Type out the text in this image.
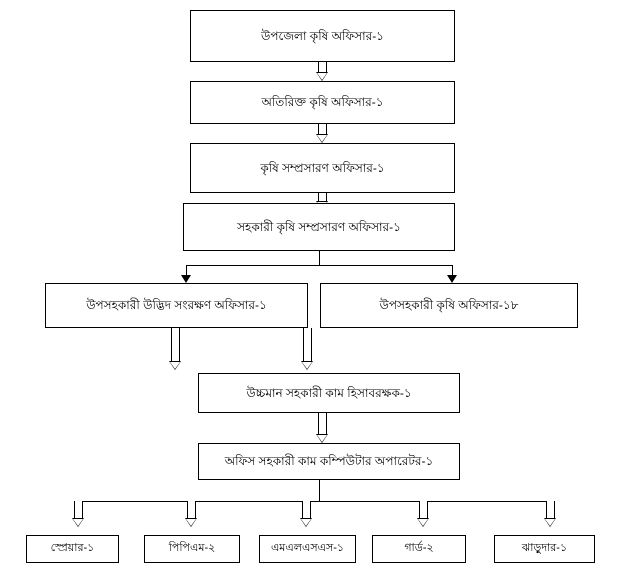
উপজেলা কৃষি অফিসার-১
অতিরিক্ত কৃষি অফিসার-১
কৃষি সম্প্রসারণ অফিসার-১
সহকারী কৃষি সম্প্রসারণ অফিসার-১
উপসহকারী উদ্ভিদ সংরক্ষণ অফিসার-১	উপসহকারী কৃষি অফিসার-১৮
উচ্চমান সহকারী কাম হিসাবরক্ষক-১
অফিস সহকারী কাম কম্পিউটার অপারেটর-১
স্প্রেয়ার-১	পিপিএম-২	এমএলএসএস-১	গার্ড-২	ঝাড়ুদার-১
